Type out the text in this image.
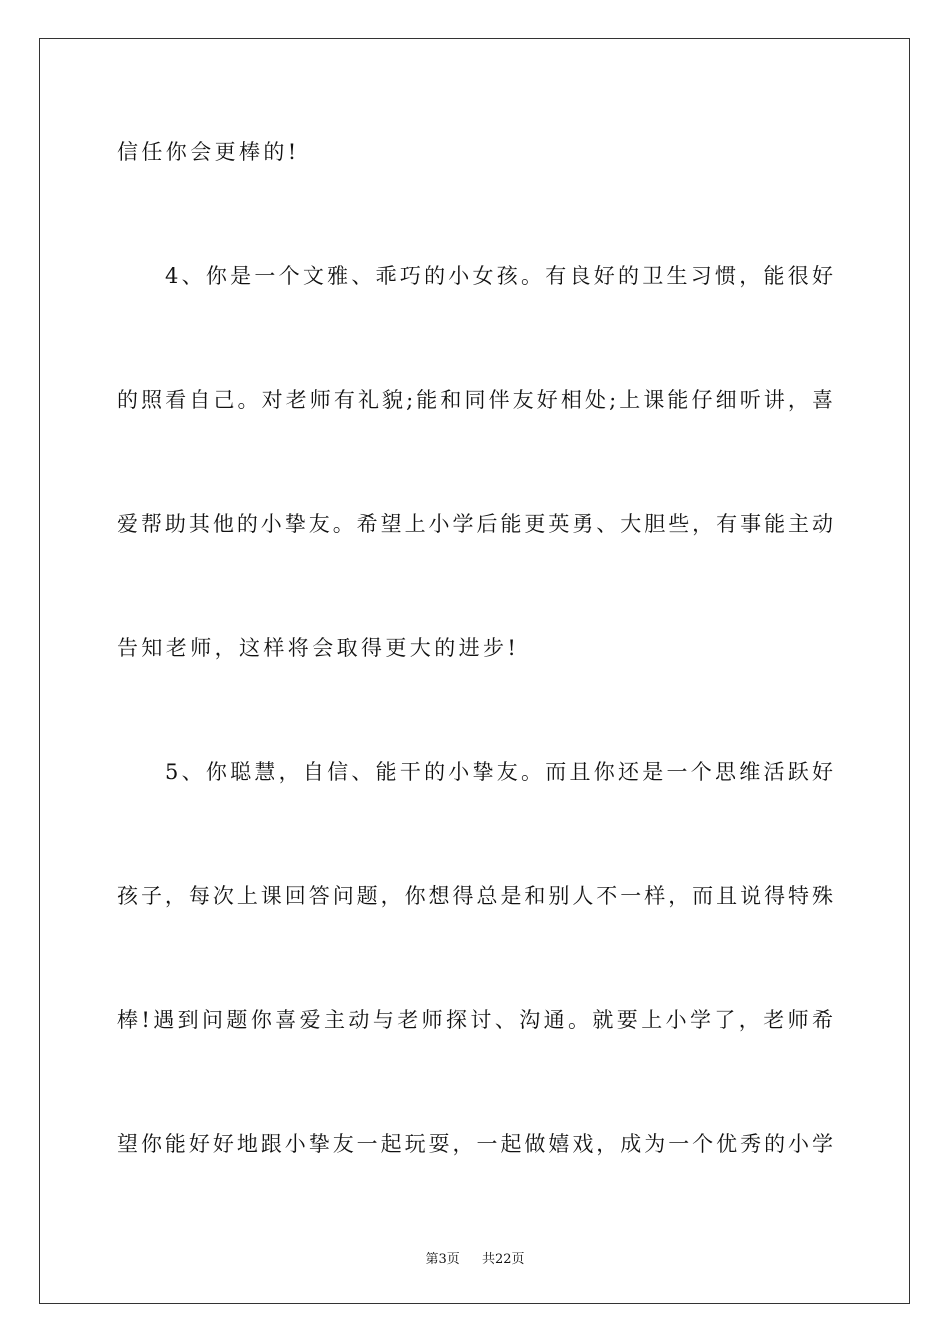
信任你会更棒的!
4、你是一个文雅、乖巧的小女孩。有良好的卫生习惯，能很好
的照看自己。对老师有礼貌;能和同伴友好相处;上课能仔细听讲，喜
爱帮助其他的小挚友。希望上小学后能更英勇、大胆些，有事能主动
告知老师，这样将会取得更大的进步!
5、你聪慧，自信、能干的小挚友。而且你还是一个思维活跃好
孩子，每次上课回答问题，你想得总是和别人不一样，而且说得特殊
棒!遇到问题你喜爱主动与老师探讨、沟通。就要上小学了，老师希
望你能好好地跟小挚友一起玩耍，一起做嬉戏，成为一个优秀的小学
第3页 共22页
